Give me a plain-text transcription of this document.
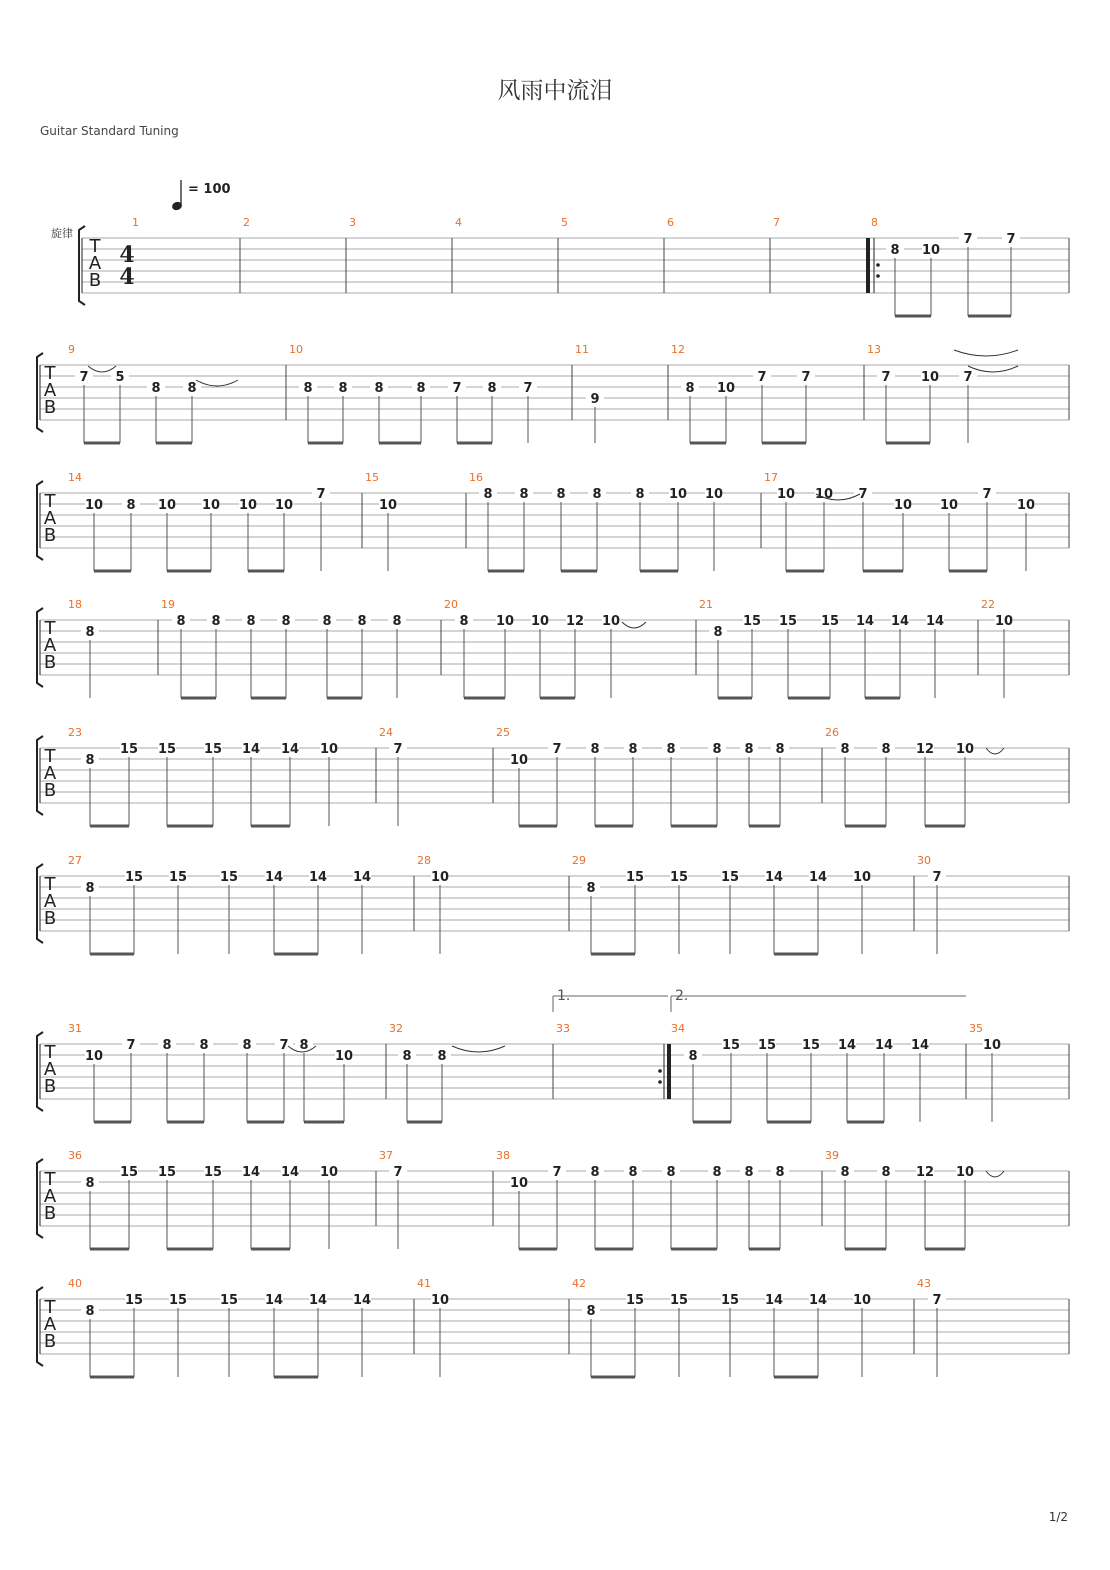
风雨中流泪
Guitar Standard Tuning
1/2
T
A
B
旋律
4
4
= 100
1	2	3	4	5	6	7	8
8 10
7	7
T
A
B
9
7 5
8 8
10
8 8 8	8 7 8 7
11
9
12
8 10
7	7
13
7 10 7
T
A
B
14
10 8 10 10 10 10
7
15
10
16
8 8 8 8	8 10 10
17
10 10 7
10 10
7
10
T
A
B
18
8
19
8 8 8 8 8 8 8
20
8 10 10 12 10
21
8
15 15 15 14 14 14
22
10
T
A
B
23
8
15 15 15 14 14 10
24
7
25
10
7 8 8 8	8 8 8
26
8 8 12 10
T
A
B
27
8
15 15	15 14 14 14
28
10
29
8
15 15	15 14 14 10
30
7
T
A
B
31
10
7 8 8	8 7 8
10
32
8 8
33	34
8
15 15 15 14 14 14
35
10
T
A
B
36
8
15 15 15 14 14 10
37
7
38
10
7 8 8 8	8 8 8
39
8 8 12 10
T
A
B
40
8
15 15	15 14 14 14
41
10
42
8
15 15	15 14 14 10
43
7
1.	2.
